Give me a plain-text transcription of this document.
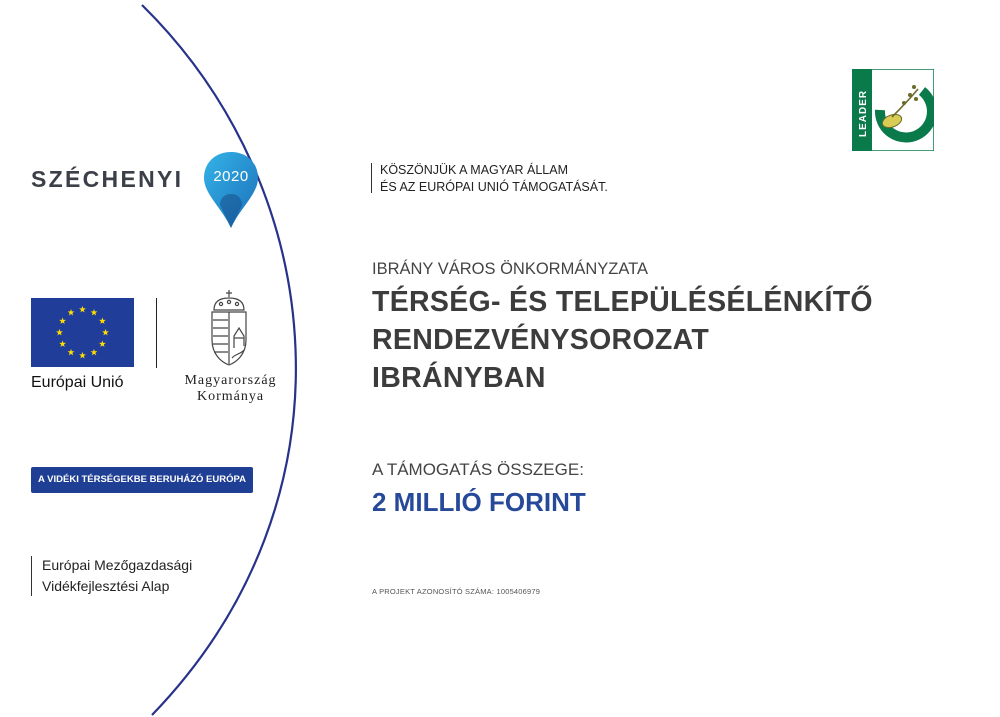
SZÉCHENYI	2020
Európai Unió	Magyarország
Kormánya
A VIDÉKI TÉRSÉGEKBE BERUHÁZÓ EURÓPA
Európai Mezőgazdasági
Vidékfejlesztési Alap
KÖSZÖNJÜK A MAGYAR ÁLLAM
ÉS AZ EURÓPAI UNIÓ TÁMOGATÁSÁT.
IBRÁNY VÁROS ÖNKORMÁNYZATA
TÉRSÉG- ÉS TELEPÜLÉSÉLÉNKÍTŐ
RENDEZVÉNYSOROZAT
IBRÁNYBAN
A TÁMOGATÁS ÖSSZEGE:
2 MILLIÓ FORINT
A PROJEKT AZONOSÍTÓ SZÁMA: 1005406979
LEADER
